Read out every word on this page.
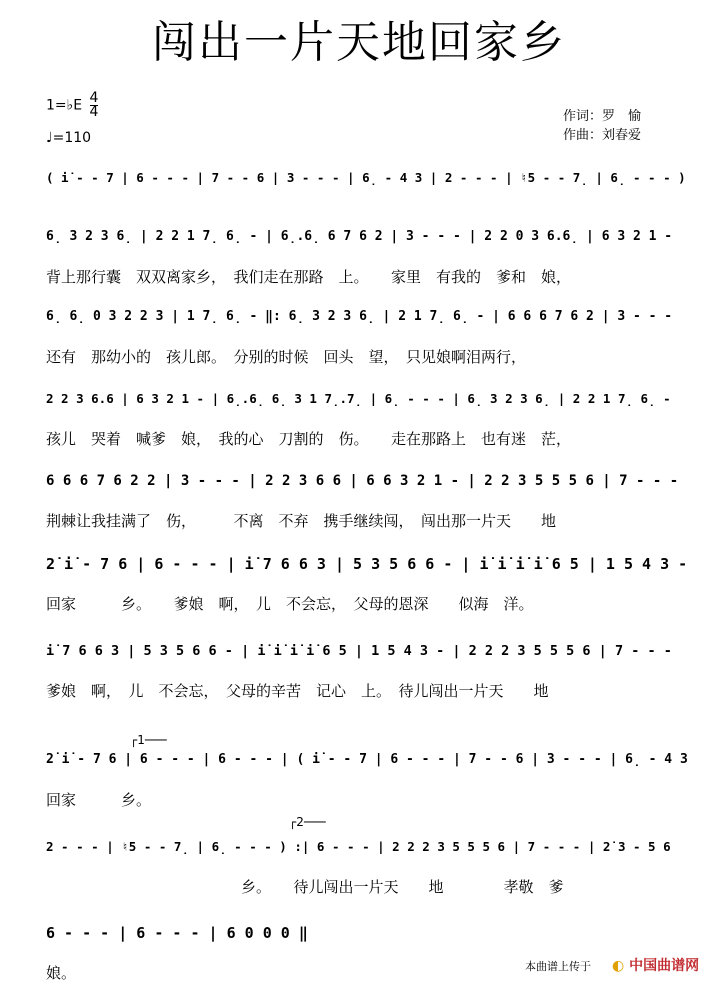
闯出一片天地回家乡
1=♭E $\frac{4}{4}$
♩=110
作词：罗　愉
作曲：刘春爱
( i̇ - - 7 | 6 - - - | 7 - - 6 | 3 - - - | 6̣ - 4 3 | 2 - - - | ♮5 - - 7̣ | 6̣ - - - )
6̣ 3 2 3 6̣ | 2 2 1 7̣ 6̣ - | 6̣.6̣ 6 7 6 2 | 3 - - - | 2 2 0 3 6.6̣ | 6 3 2 1 -
背上那行囊　双双离家乡，　我们走在那路　上。　　家里　有我的　爹和　娘，
6̣ 6̣ 0 3 2 2 3 | 1 7̣ 6̣ - ‖: 6̣ 3 2 3 6̣ | 2 1 7̣ 6̣ - | 6 6 6 7 6 2 | 3 - - -
还有　那幼小的　孩儿郎。　分别的时候　回头　望，　只见娘啊泪两行，
2 2 3 6.6 | 6 3 2 1 - | 6̣.6̣ 6̣ 3 1 7̣.7̣ | 6̣ - - - | 6̣ 3 2 3 6̣ | 2 2 1 7̣ 6̣ -
孩儿　哭着　喊爹　娘，　我的心　刀割的　伤。　　走在那路上　也有迷　茫，
6 6 6 7 6 2 2 | 3 - - - | 2 2 3 6 6 | 6 6 3 2 1 - | 2 2 3 5 5 5 6 | 7 - - -
荆棘让我挂满了　伤，　　　不离　不弃　携手继续闯，　闯出那一片天　　地
2̇ i̇ - 7 6 | 6 - - - | i̇ 7 6 6 3 | 5 3 5 6 6 - | i̇ i̇ i̇ i̇ 6 5 | 1 5 4 3 -
回家　　　乡。　　爹娘　啊，　儿　不会忘，　父母的恩深　　似海　洋。
i̇ 7 6 6 3 | 5 3 5 6 6 - | i̇ i̇ i̇ i̇ 6 5 | 1 5 4 3 - | 2 2 2 3 5 5 5 6 | 7 - - -
爹娘　啊，　儿　不会忘，　父母的辛苦　记心　上。　待儿闯出一片天　　地
2̇ i̇ - 7 6 | 6 - - - | 6 - - - | ( i̇ - - 7 | 6 - - - | 7 - - 6 | 3 - - - | 6̣ - 4 3
回家　　　乡。
2 - - - | ♮5 - - 7̣ | 6̣ - - - ) :| 6 - - - | 2 2 2 3 5 5 5 6 | 7 - - - | 2̇ 3 - 5 6
　　　　　　　　　　　　　乡。　　待儿闯出一片天　　地　　　　孝敬　爹
6 - - - | 6 - - - | 6 0 0 0 ‖
娘。
┌1───
┌2───
本曲谱上传于 ◐ 中国曲谱网
